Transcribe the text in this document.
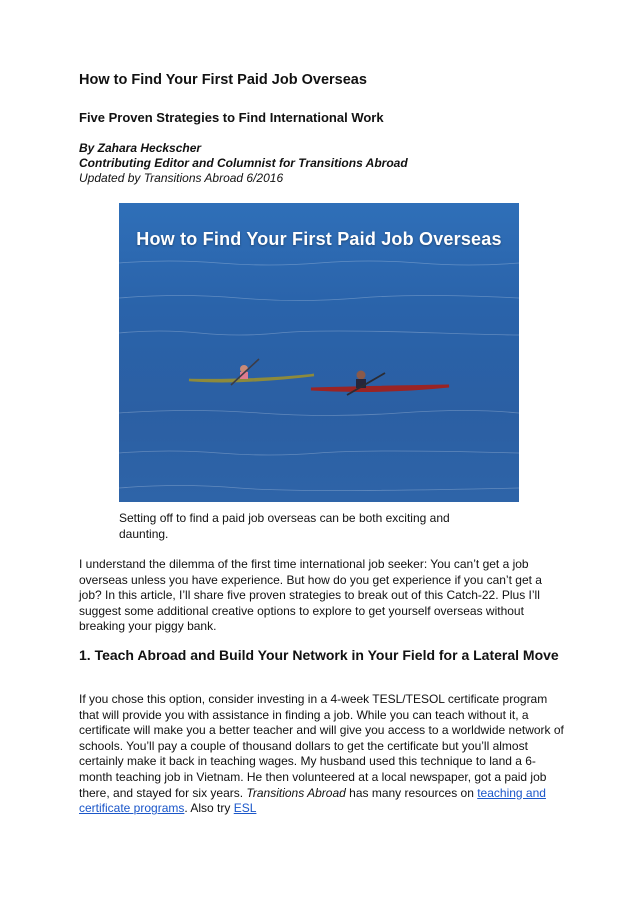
How to Find Your First Paid Job Overseas
Five Proven Strategies to Find International Work
By Zahara Heckscher
Contributing Editor and Columnist for Transitions Abroad
Updated by Transitions Abroad 6/2016
How to Find Your First Paid Job Overseas
Setting off to find a paid job overseas can be both exciting and daunting.
I understand the dilemma of the first time international job seeker: You can’t get a job overseas unless you have experience. But how do you get experience if you can’t get a job? In this article, I’ll share five proven strategies to break out of this Catch-22. Plus I’ll suggest some additional creative options to explore to get yourself overseas without breaking your piggy bank.
1. Teach Abroad and Build Your Network in Your Field for a Lateral Move
If you chose this option, consider investing in a 4-week TESL/TESOL certificate program that will provide you with assistance in finding a job. While you can teach without it, a certificate will make you a better teacher and will give you access to a worldwide network of schools. You’ll pay a couple of thousand dollars to get the certificate but you’ll almost certainly make it back in teaching wages. My husband used this technique to land a 6-month teaching job in Vietnam. He then volunteered at a local newspaper, got a paid job there, and stayed for six years. Transitions Abroad has many resources on teaching and certificate programs. Also try ESL
